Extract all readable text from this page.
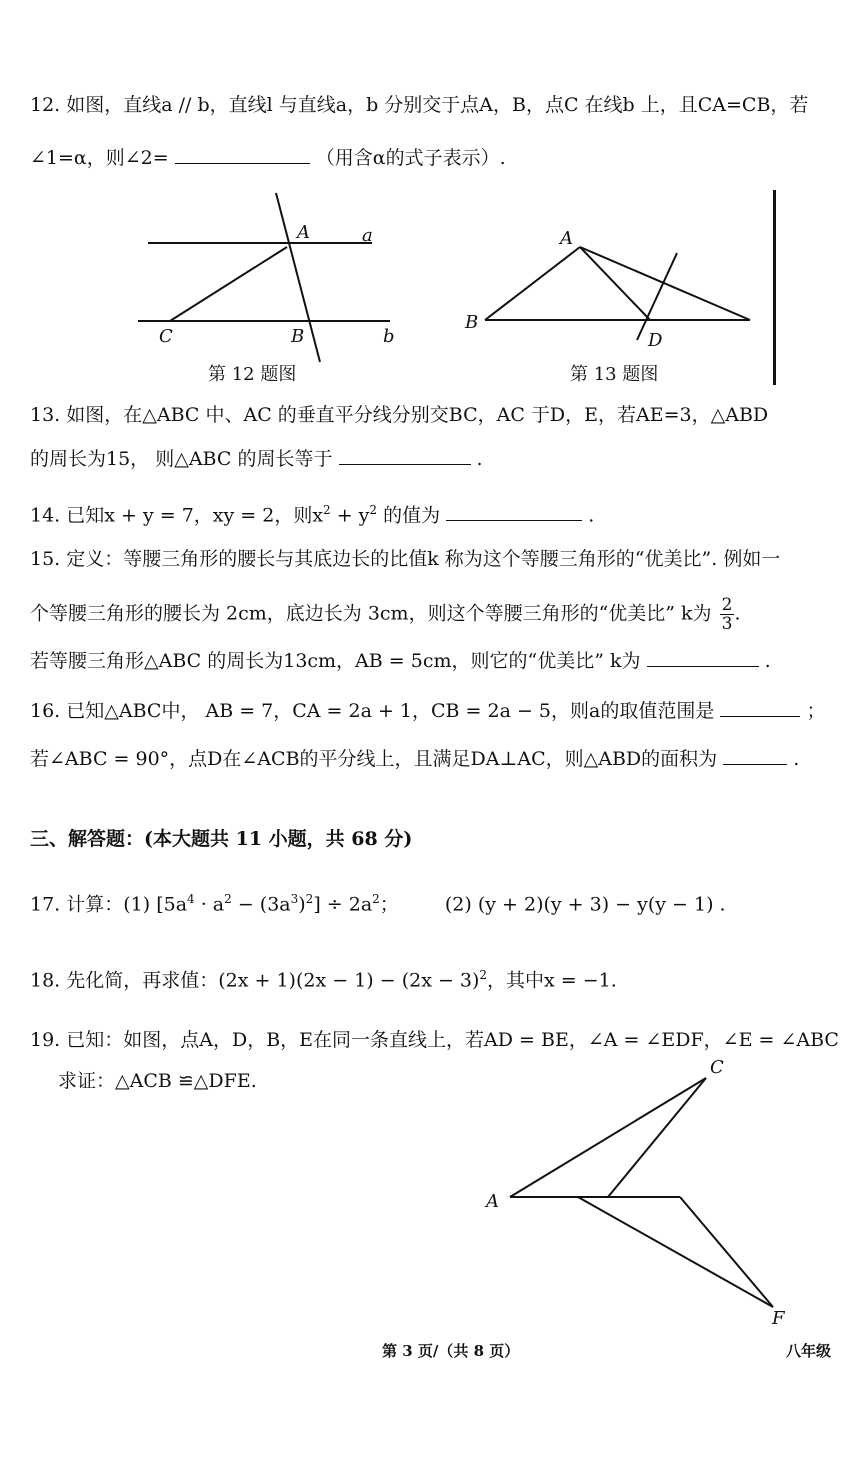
12. 如图，直线a // b，直线l 与直线a，b 分别交于点A，B，点C 在线b 上，且CA=CB，若
∠1=α，则∠2=	（用含α的式子表示）.
A	a
C	B	b
A
B
D
C
A
F
第 12 题图	第 13 题图
13. 如图，在△ABC 中、AC 的垂直平分线分别交BC，AC 于D，E，若AE=3，△ABD
的周长为15， 则△ABC 的周长等于	.
14. 已知x + y = 7，xy = 2，则$x^2 + y^2$ 的值为	.
15. 定义：等腰三角形的腰长与其底边长的比值k 称为这个等腰三角形的“优美比”. 例如一
个等腰三角形的腰长为 2cm，底边长为 3cm，则这个等腰三角形的“优美比” k为 $\frac{2}{3}$ .
若等腰三角形△ABC 的周长为13cm，AB = 5cm，则它的“优美比” k为	.
16. 已知△ABC中， AB = 7，CA = 2a + 1，CB = 2a − 5，则a的取值范围是	；
若∠ABC = 90°，点D在∠ACB的平分线上，且满足DA⊥AC，则△ABD的面积为	.
三、解答题：(本大题共 11 小题，共 68 分)
17. 计算：(1) $[5a^4 \cdot a^2 - (3a^3)^2] \div 2a^2$； (2) (y + 2)(y + 3) − y(y − 1) .
18. 先化简，再求值：$(2x + 1)(2x - 1) - (2x - 3)^2$，其中x = −1.
19. 已知：如图，点A，D，B，E在同一条直线上，若AD = BE，∠A = ∠EDF，∠E = ∠ABC
求证：△ACB ≌△DFE.
第 3 页/（共 8 页）	八年级
